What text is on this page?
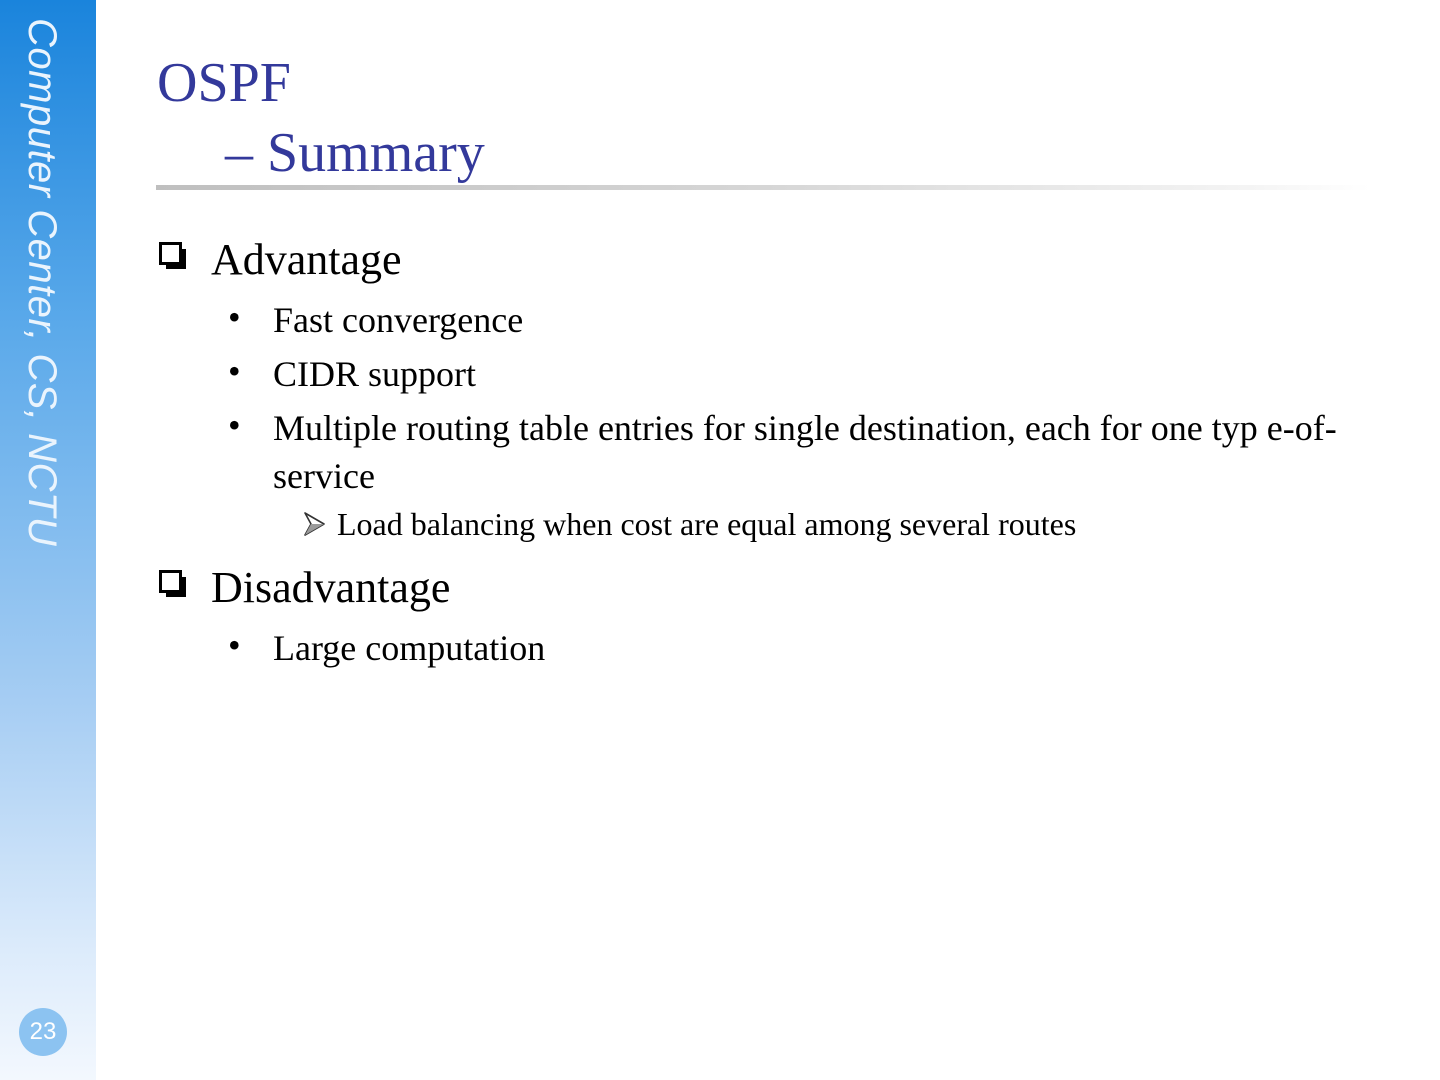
Computer Center, CS, NCTU
23
OSPF
– Summary
Advantage
• Fast convergence
• CIDR support
• Multiple routing table entries for single destination, each for one typ e-of-service
Load balancing when cost are equal among several routes
Disadvantage
• Large computation
